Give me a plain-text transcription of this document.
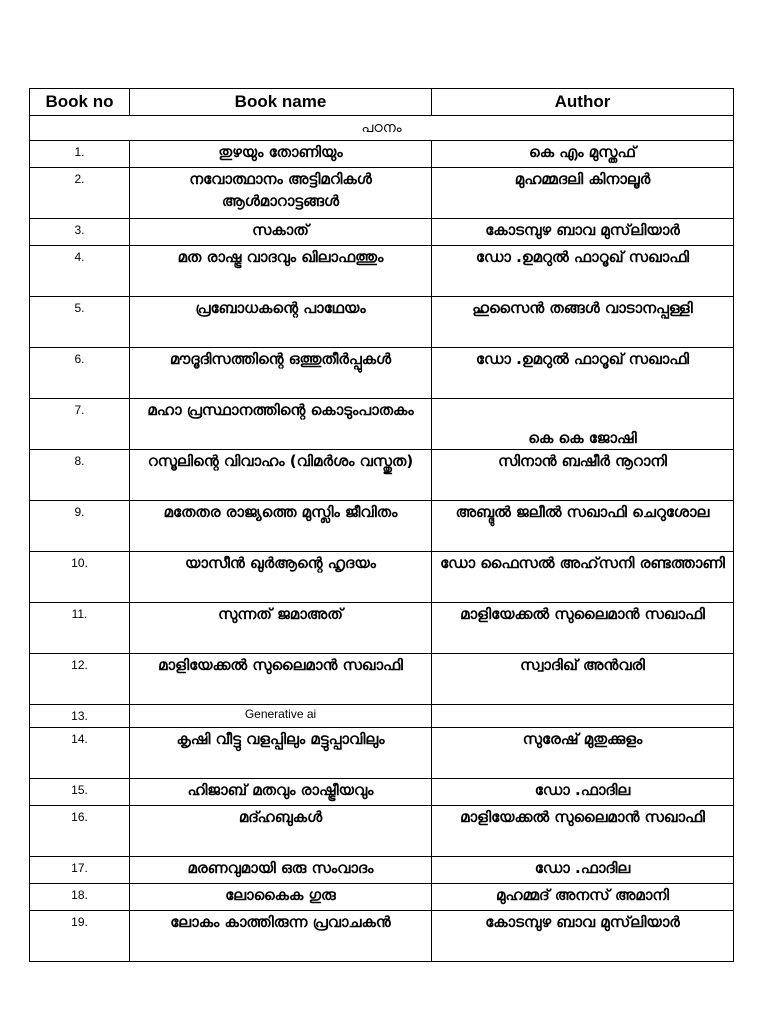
Book no	Book name	Author
പഠനം		
1.	തുഴയും തോണിയും	കെ എം മുസ്തഫ്
2.	നവോത്ഥാനം അട്ടിമറികൾ ആൾമാറാട്ടങ്ങൾ	മുഹമ്മദലി കിനാലൂർ
3.	സകാത്	കോടമ്പുഴ ബാവ മുസ്‌ലിയാർ
4.	മത രാഷ്ട്ര വാദവും ഖിലാഫത്തും	ഡോ .ഉമറുൽ ഫാറൂഖ് സഖാഫി
5.	പ്രബോധകന്റെ പാഥേയം	ഹുസൈൻ തങ്ങൾ വാടാനപ്പള്ളി
6.	മൗദൂദിസത്തിന്റെ ഒത്തുതീർപ്പുകൾ	ഡോ .ഉമറുൽ ഫാറൂഖ് സഖാഫി
7.	മഹാ പ്രസ്ഥാനത്തിന്റെ കൊടുംപാതകം	കെ കെ ജോഷി
8.	റസൂലിന്റെ വിവാഹം (വിമർശം വസ്തുത)	സിനാൻ ബഷീർ നൂറാനി
9.	മതേതര രാജ്യത്തെ മുസ്ലിം ജീവിതം	അബ്ദുൽ ജലീൽ സഖാഫി ചെറുശോല
10.	യാസീൻ ഖുർആന്റെ ഹൃദയം	ഡോ ഫൈസൽ അഹ്‌സനി രണ്ടത്താണി
11.	സുന്നത് ജമാഅത്	മാളിയേക്കൽ സുലൈമാൻ സഖാഫി
12.	മാളിയേക്കൽ സുലൈമാൻ സഖാഫി	സ്വാദിഖ് അൻവരി
13.	Generative ai	
14.	കൃഷി വീട്ടു വളപ്പിലും മട്ടുപ്പാവിലും	സുരേഷ് മുതുക്കുളം
15.	ഹിജാബ് മതവും രാഷ്ട്രീയവും	ഡോ .ഫാദില
16.	മദ്ഹബുകൾ	മാളിയേക്കൽ സുലൈമാൻ സഖാഫി
17.	മരണവുമായി ഒരു സംവാദം	ഡോ .ഫാദില
18.	ലോകൈക ഗുരു	മുഹമ്മദ് അനസ് അമാനി
19.	ലോകം കാത്തിരുന്ന പ്രവാചകൻ	കോടമ്പുഴ ബാവ മുസ്‌ലിയാർ
